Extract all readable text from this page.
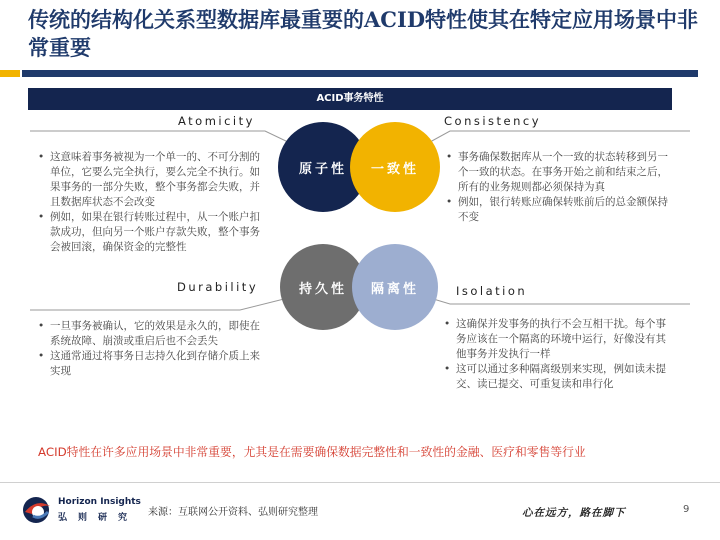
传统的结构化关系型数据库最重要的ACID特性使其在特定应用场景中非常重要
ACID事务特性
Atomicity	Consistency
Durability	Isolation
原子性	一致性
持久性	隔离性
• 这意味着事务被视为一个单一的、不可分割的单位，它要么完全执行，要么完全不执行。如果事务的一部分失败，整个事务都会失败，并且数据库状态不会改变
• 例如，如果在银行转账过程中，从一个账户扣款成功，但向另一个账户存款失败，整个事务会被回滚，确保资金的完整性
• 事务确保数据库从一个一致的状态转移到另一个一致的状态。在事务开始之前和结束之后，所有的业务规则都必须保持为真
• 例如，银行转账应确保转账前后的总金额保持不变
• 一旦事务被确认，它的效果是永久的，即使在系统故障、崩溃或重启后也不会丢失
• 这通常通过将事务日志持久化到存储介质上来实现
• 这确保并发事务的执行不会互相干扰。每个事务应该在一个隔离的环境中运行，好像没有其他事务并发执行一样
• 这可以通过多种隔离级别来实现，例如读未提交、读已提交、可重复读和串行化
ACID特性在许多应用场景中非常重要，尤其是在需要确保数据完整性和一致性的金融、医疗和零售等行业
Horizon Insights
弘则研究 来源：互联网公开资料、弘则研究整理	心在远方，路在脚下	9
